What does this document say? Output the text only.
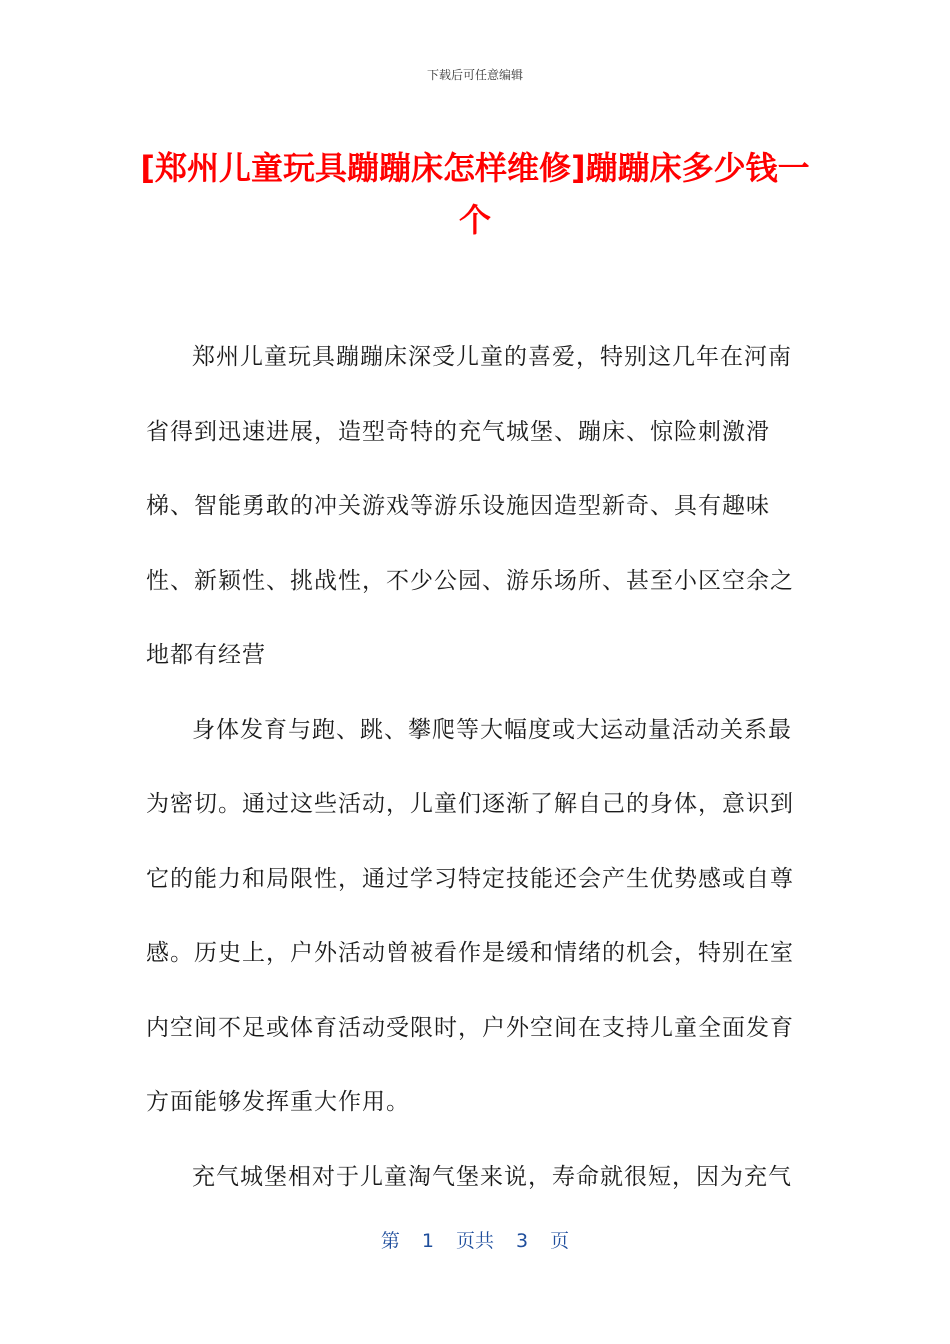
下载后可任意编辑
[郑州儿童玩具蹦蹦床怎样维修]蹦蹦床多少钱一个

郑州儿童玩具蹦蹦床深受儿童的喜爱，特别这几年在河南省得到迅速进展，造型奇特的充气城堡、蹦床、惊险刺激滑梯、智能勇敢的冲关游戏等游乐设施因造型新奇、具有趣味性、新颖性、挑战性，不少公园、游乐场所、甚至小区空余之地都有经营

身体发育与跑、跳、攀爬等大幅度或大运动量活动关系最为密切。通过这些活动，儿童们逐渐了解自己的身体，意识到它的能力和局限性，通过学习特定技能还会产生优势感或自尊感。历史上，户外活动曾被看作是缓和情绪的机会，特别在室内空间不足或体育活动受限时，户外空间在支持儿童全面发育方面能够发挥重大作用。

充气城堡相对于儿童淘气堡来说，寿命就很短，因为充气

第 1 页共 3 页
